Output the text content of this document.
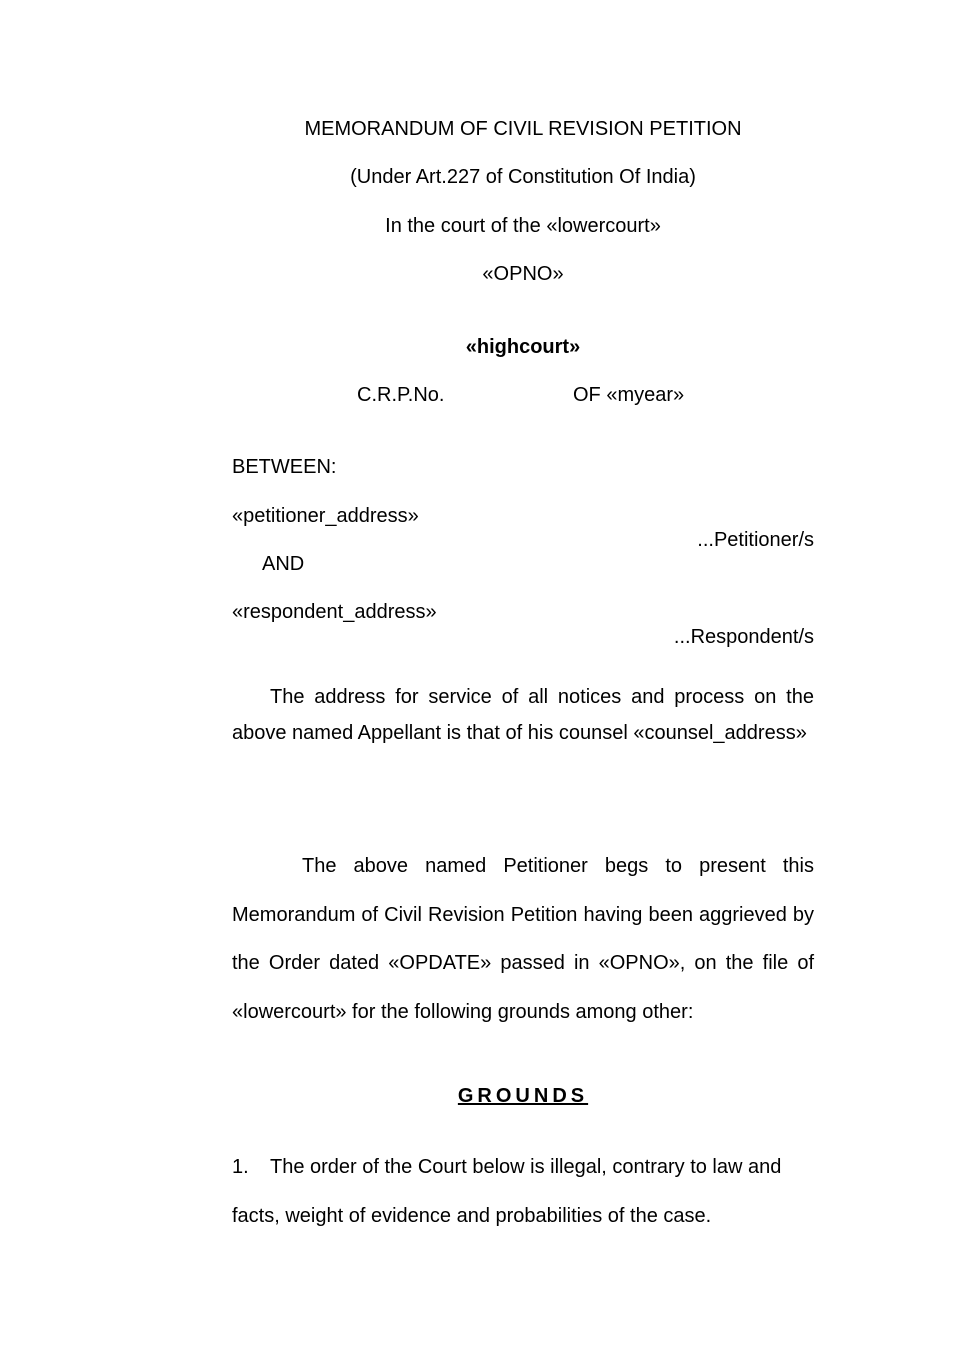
MEMORANDUM OF CIVIL REVISION PETITION
(Under Art.227 of Constitution Of India)
In the court of the «lowercourt»
«OPNO»
«highcourt»
C.R.P.No.	OF «myear»
BETWEEN:
«petitioner_address»
...Petitioner/s
AND
«respondent_address»
...Respondent/s
The address for service of all notices and process on the above named Appellant is that of his counsel «counsel_address»
The above named Petitioner begs to present this Memorandum of Civil Revision Petition having been aggrieved by the Order dated «OPDATE» passed in «OPNO», on the file of «lowercourt» for the following grounds among other:
GROUNDS
1. The order of the Court below is illegal, contrary to law and facts, weight of evidence and probabilities of the case.
